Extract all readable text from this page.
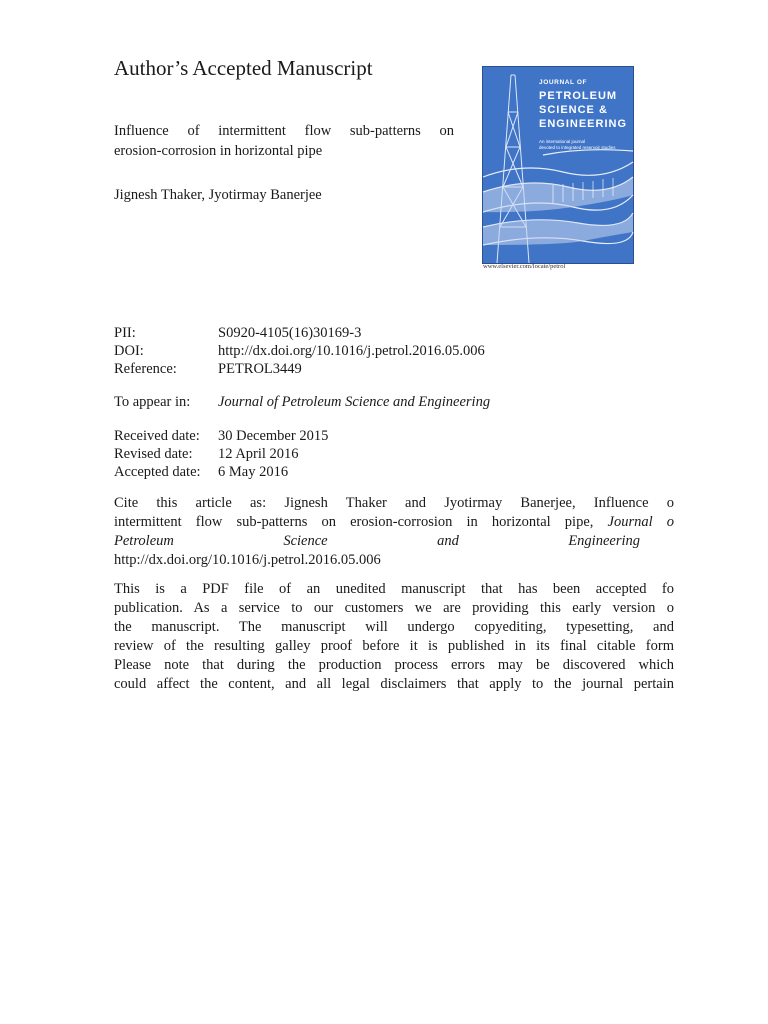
Author’s Accepted Manuscript
Influence of intermittent flow sub-patterns on
erosion-corrosion in horizontal pipe
Jignesh Thaker, Jyotirmay Banerjee
JOURNAL OF
PETROLEUM
SCIENCE &
ENGINEERING
An international journal
devoted to integrated reservoir studies
www.elsevier.com/locate/petrol
PII:	S0920-4105(16)30169-3
DOI:	http://dx.doi.org/10.1016/j.petrol.2016.05.006
Reference:	PETROL3449
To appear in:	Journal of Petroleum Science and Engineering
Received date:	30 December 2015
Revised date:	12 April 2016
Accepted date:	6 May 2016
Cite this article as: Jignesh Thaker and Jyotirmay Banerjee, Influence o
intermittent flow sub-patterns on erosion-corrosion in horizontal pipe, Journal o
Petroleum Science and Engineering
http://dx.doi.org/10.1016/j.petrol.2016.05.006
This is a PDF file of an unedited manuscript that has been accepted fo
publication. As a service to our customers we are providing this early version o
the manuscript. The manuscript will undergo copyediting, typesetting, and
review of the resulting galley proof before it is published in its final citable form
Please note that during the production process errors may be discovered which
could affect the content, and all legal disclaimers that apply to the journal pertain
